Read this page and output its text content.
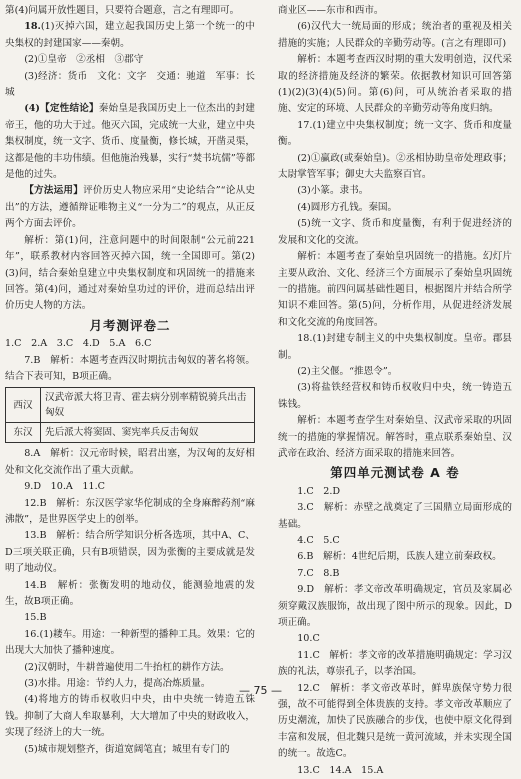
第(4)问属开放性题目，只要符合题意，言之有理即可。

18.(1)灭掉六国，建立起我国历史上第一个统一的中央集权的封建国家——秦朝。

(2)①皇帝　②丞相　③郡守

(3)经济：货币　文化：文字　交通：驰道　军事：长城

(4)【定性结论】秦始皇是我国历史上一位杰出的封建帝王，他的功大于过。他灭六国，完成统一大业，建立中央集权制度，统一文字、货币、度量衡，修长城，开凿灵渠，这都是他的丰功伟绩。但他施治残暴，实行“焚书坑儒”等都是他的过失。

【方法运用】评价历史人物应采用“史论结合”“论从史出”的方法，遵循辩证唯物主义“一分为二”的观点，从正反两个方面去评价。

解析：第(1)问，注意问题中的时间限制“公元前221年”，联系教材内容回答灭掉六国，统一全国即可。第(2)(3)问，结合秦始皇建立中央集权制度和巩固统一的措施来回答。第(4)问，通过对秦始皇功过的评价，进而总结出评价历史人物的方法。

月考测评卷二

1.C　2.A　3.C　4.D　5.A　6.C

7.B　解析：本题考查西汉时期抗击匈奴的著名将领。结合下表可知，B项正确。

西汉	汉武帝派大将卫青、霍去病分别率精锐骑兵出击匈奴
东汉	先后派大将窦固、窦宪率兵反击匈奴

8.A　解析：汉元帝时候，昭君出塞，为汉匈的友好相处和文化交流作出了重大贡献。

9.D　10.A　11.C

12.B　解析：东汉医学家华佗制成的全身麻醉药剂“麻沸散”，是世界医学史上的创举。

13.B　解析：结合所学知识分析各选项，其中A、C、D三项关联正确，只有B项错误，因为张衡的主要成就是发明了地动仪。

14.B　解析：张衡发明的地动仪，能测验地震的发生，故B项正确。

15.B

16.(1)耧车。用途：一种新型的播种工具。效果：它的出现大大加快了播种速度。

(2)汉朝时，牛耕普遍使用二牛抬杠的耕作方法。

(3)水排。用途：节约人力，提高冶炼质量。

(4)将地方的铸币权收归中央，由中央统一铸造五铢钱。抑制了大商人牟取暴利，大大增加了中央的财政收入，实现了经济上的大一统。

(5)城市规划整齐，街道宽阔笔直；城里有专门的

商业区——东市和西市。

(6)汉代大一统局面的形成；统治者的重视及相关措施的实施；人民群众的辛勤劳动等。(言之有理即可)

解析：本题考查西汉时期的重大发明创造，汉代采取的经济措施及经济的繁荣。依据教材知识可回答第(1)(2)(3)(4)(5)问。第(6)问，可从统治者采取的措施、安定的环境、人民群众的辛勤劳动等角度归纳。

17.(1)建立中央集权制度；统一文字、货币和度量衡。

(2)①赢政(或秦始皇)。②丞相协助皇帝处理政事；太尉掌管军事；御史大夫监察百官。

(3)小篆。隶书。

(4)圆形方孔钱。秦国。

(5)统一文字、货币和度量衡，有利于促进经济的发展和文化的交流。

解析：本题考查了秦始皇巩固统一的措施。幻灯片主要从政治、文化、经济三个方面展示了秦始皇巩固统一的措施。前四问属基础性题目，根据图片并结合所学知识不难回答。第(5)问，分析作用，从促进经济发展和文化交流的角度回答。

18.(1)封建专制主义的中央集权制度。皇帝。郡县制。

(2)主父偃。“推恩令”。

(3)将盐铁经营权和铸币权收归中央，统一铸造五铢钱。

解析：本题考查学生对秦始皇、汉武帝采取的巩固统一的措施的掌握情况。解答时，重点联系秦始皇、汉武帝在政治、经济方面采取的措施来回答。

第四单元测试卷 A 卷

1.C　2.D

3.C　解析：赤壁之战奠定了三国鼎立局面形成的基础。

4.C　5.C

6.B　解析：4世纪后期，氐族人建立前秦政权。

7.C　8.B

9.D　解析：孝文帝改革明确规定，官员及家属必须穿戴汉族服饰，故出现了图中所示的现象。因此，D项正确。

10.C

11.C　解析：孝文帝的改革措施明确规定：学习汉族的礼法，尊崇孔子，以孝治国。

12.C　解析：孝文帝改革时，鲜卑族保守势力很强，故不可能得到全体贵族的支持。孝文帝改革顺应了历史潮流，加快了民族融合的步伐，也使中原文化得到丰富和发展，但北魏只是统一黄河流域，并未实现全国的统一。故选C。

13.C　14.A　15.A

— 75 —
